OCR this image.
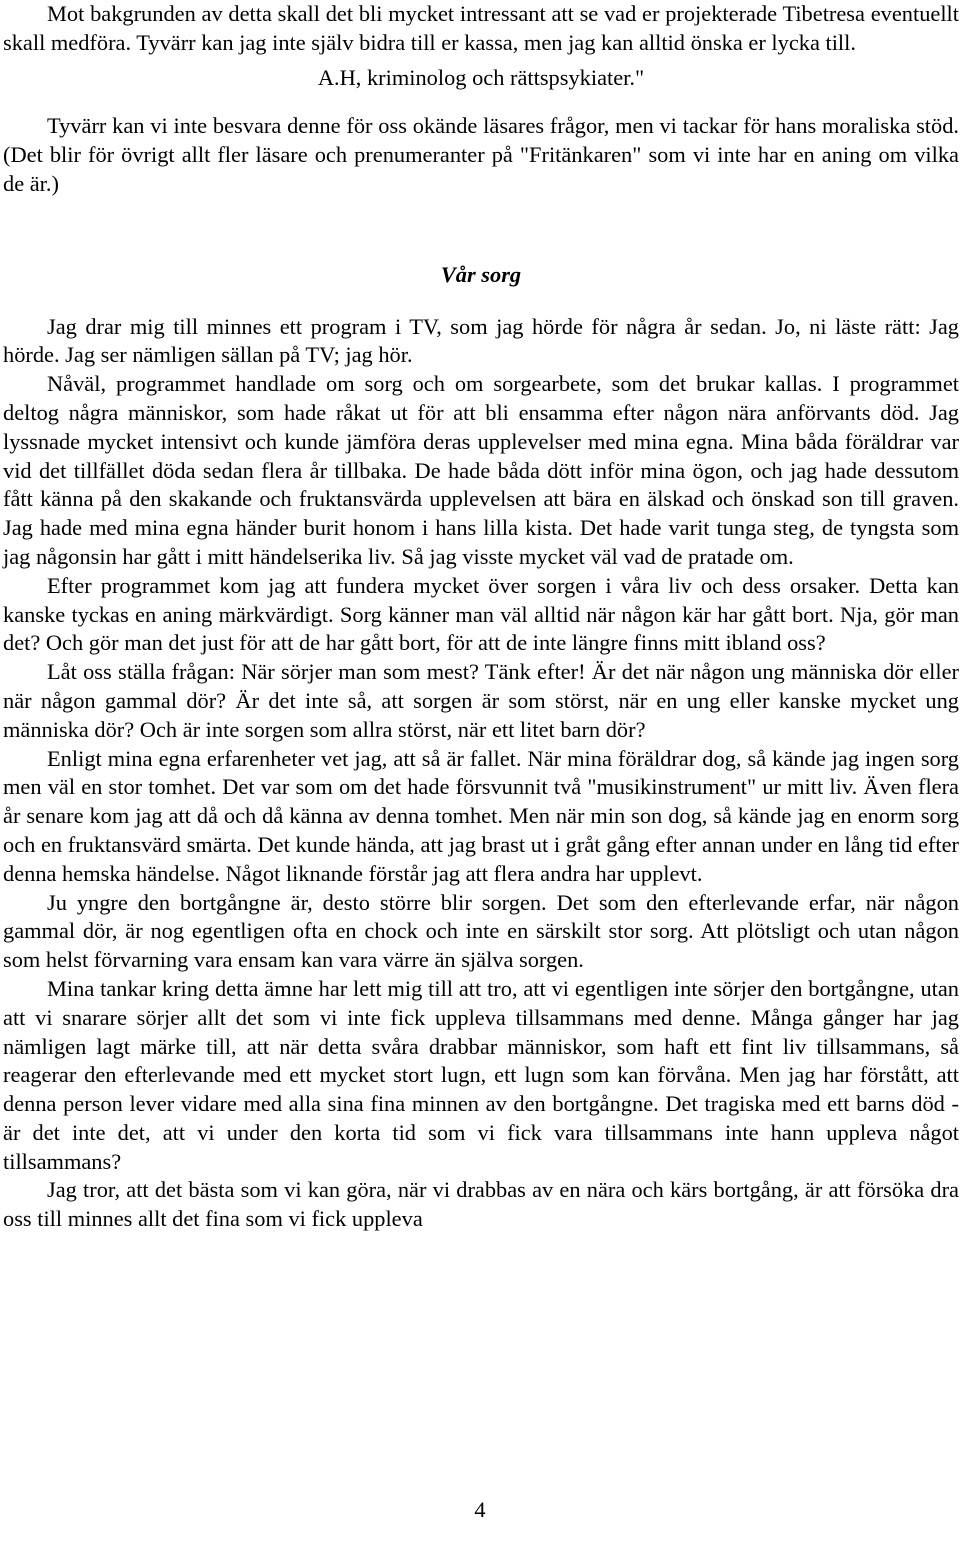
Mot bakgrunden av detta skall det bli mycket intressant att se vad er projekterade Tibetresa eventuellt skall medföra. Tyvärr kan jag inte själv bidra till er kassa, men jag kan alltid önska er lycka till.

A.H, kriminolog och rättspsykiater."

Tyvärr kan vi inte besvara denne för oss okände läsares frågor, men vi tackar för hans moraliska stöd. (Det blir för övrigt allt fler läsare och prenumeranter på "Fritänkaren" som vi inte har en aning om vilka de är.)

Vår sorg

Jag drar mig till minnes ett program i TV, som jag hörde för några år sedan. Jo, ni läste rätt: Jag hörde. Jag ser nämligen sällan på TV; jag hör.

Nåväl, programmet handlade om sorg och om sorgearbete, som det brukar kallas. I programmet deltog några människor, som hade råkat ut för att bli ensamma efter någon nära anförvants död. Jag lyssnade mycket intensivt och kunde jämföra deras upplevelser med mina egna. Mina båda föräldrar var vid det tillfället döda sedan flera år tillbaka. De hade båda dött inför mina ögon, och jag hade dessutom fått känna på den skakande och fruktansvärda upplevelsen att bära en älskad och önskad son till graven. Jag hade med mina egna händer burit honom i hans lilla kista. Det hade varit tunga steg, de tyngsta som jag någonsin har gått i mitt händelserika liv. Så jag visste mycket väl vad de pratade om.

Efter programmet kom jag att fundera mycket över sorgen i våra liv och dess orsaker. Detta kan kanske tyckas en aning märkvärdigt. Sorg känner man väl alltid när någon kär har gått bort. Nja, gör man det? Och gör man det just för att de har gått bort, för att de inte längre finns mitt ibland oss?

Låt oss ställa frågan: När sörjer man som mest? Tänk efter! Är det när någon ung människa dör eller när någon gammal dör? Är det inte så, att sorgen är som störst, när en ung eller kanske mycket ung människa dör? Och är inte sorgen som allra störst, när ett litet barn dör?

Enligt mina egna erfarenheter vet jag, att så är fallet. När mina föräldrar dog, så kände jag ingen sorg men väl en stor tomhet. Det var som om det hade försvunnit två "musikinstrument" ur mitt liv. Även flera år senare kom jag att då och då känna av denna tomhet. Men när min son dog, så kände jag en enorm sorg och en fruktansvärd smärta. Det kunde hända, att jag brast ut i gråt gång efter annan under en lång tid efter denna hemska händelse. Något liknande förstår jag att flera andra har upplevt.

Ju yngre den bortgångne är, desto större blir sorgen. Det som den efterlevande erfar, när någon gammal dör, är nog egentligen ofta en chock och inte en särskilt stor sorg. Att plötsligt och utan någon som helst förvarning vara ensam kan vara värre än själva sorgen.

Mina tankar kring detta ämne har lett mig till att tro, att vi egentligen inte sörjer den bortgångne, utan att vi snarare sörjer allt det som vi inte fick uppleva tillsammans med denne. Många gånger har jag nämligen lagt märke till, att när detta svåra drabbar människor, som haft ett fint liv tillsammans, så reagerar den efterlevande med ett mycket stort lugn, ett lugn som kan förvåna. Men jag har förstått, att denna person lever vidare med alla sina fina minnen av den bortgångne. Det tragiska med ett barns död - är det inte det, att vi under den korta tid som vi fick vara tillsammans inte hann uppleva något tillsammans?

Jag tror, att det bästa som vi kan göra, när vi drabbas av en nära och kärs bortgång, är att försöka dra oss till minnes allt det fina som vi fick uppleva

4
